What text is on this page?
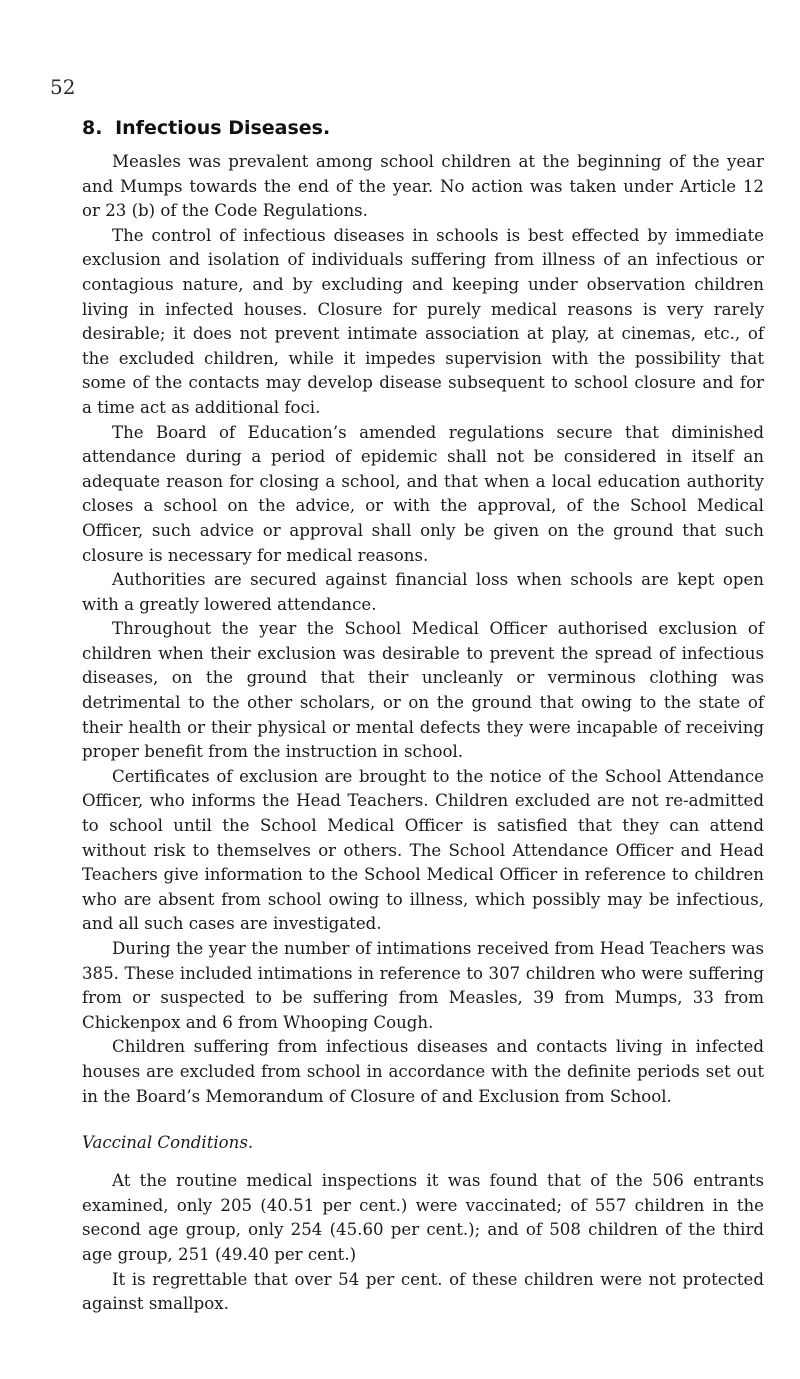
52
8. Infectious Diseases.

Measles was prevalent among school children at the beginning of the year and Mumps towards the end of the year. No action was taken under Article 12 or 23 (b) of the Code Regulations.

The control of infectious diseases in schools is best effected by immediate exclusion and isolation of individuals suffering from illness of an infectious or contagious nature, and by excluding and keeping under observation children living in infected houses. Closure for purely medical reasons is very rarely desirable; it does not prevent intimate association at play, at cinemas, etc., of the excluded children, while it impedes supervision with the possibility that some of the contacts may develop disease subsequent to school closure and for a time act as additional foci.

The Board of Education’s amended regulations secure that diminished attendance during a period of epidemic shall not be considered in itself an adequate reason for closing a school, and that when a local education authority closes a school on the advice, or with the approval, of the School Medical Officer, such advice or approval shall only be given on the ground that such closure is necessary for medical reasons.

Authorities are secured against financial loss when schools are kept open with a greatly lowered attendance.

Throughout the year the School Medical Officer authorised exclusion of children when their exclusion was desirable to prevent the spread of infectious diseases, on the ground that their uncleanly or verminous clothing was detrimental to the other scholars, or on the ground that owing to the state of their health or their physical or mental defects they were incapable of receiving proper benefit from the instruction in school.

Certificates of exclusion are brought to the notice of the School Attendance Officer, who informs the Head Teachers. Children excluded are not re-admitted to school until the School Medical Officer is satisfied that they can attend without risk to themselves or others. The School Attendance Officer and Head Teachers give information to the School Medical Officer in reference to children who are absent from school owing to illness, which possibly may be infectious, and all such cases are investigated.

During the year the number of intimations received from Head Teachers was 385. These included intimations in reference to 307 children who were suffering from or suspected to be suffering from Measles, 39 from Mumps, 33 from Chickenpox and 6 from Whooping Cough.

Children suffering from infectious diseases and contacts living in infected houses are excluded from school in accordance with the definite periods set out in the Board’s Memorandum of Closure of and Exclusion from School.

Vaccinal Conditions.

At the routine medical inspections it was found that of the 506 entrants examined, only 205 (40.51 per cent.) were vaccinated; of 557 children in the second age group, only 254 (45.60 per cent.); and of 508 children of the third age group, 251 (49.40 per cent.)

It is regrettable that over 54 per cent. of these children were not protected against smallpox.
